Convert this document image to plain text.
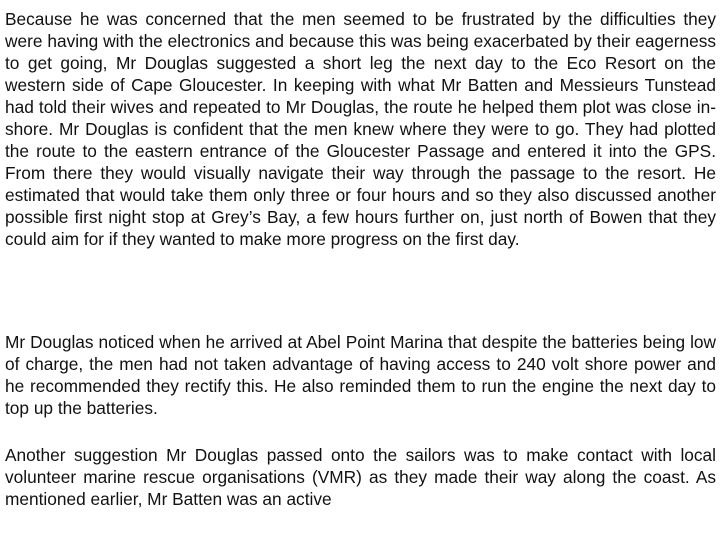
Because he was concerned that the men seemed to be frustrated by the difficulties they were having with the electronics and because this was being exacerbated by their eagerness to get going, Mr Douglas suggested a short leg the next day to the Eco Resort on the western side of Cape Gloucester. In keeping with what Mr Batten and Messieurs Tunstead had told their wives and repeated to Mr Douglas, the route he helped them plot was close in-shore. Mr Douglas is confident that the men knew where they were to go. They had plotted the route to the eastern entrance of the Gloucester Passage and entered it into the GPS. From there they would visually navigate their way through the passage to the resort. He estimated that would take them only three or four hours and so they also discussed another possible first night stop at Grey’s Bay, a few hours further on, just north of Bowen that they could aim for if they wanted to make more progress on the first day.

Mr Douglas noticed when he arrived at Abel Point Marina that despite the batteries being low of charge, the men had not taken advantage of having access to 240 volt shore power and he recommended they rectify this. He also reminded them to run the engine the next day to top up the batteries.

Another suggestion Mr Douglas passed onto the sailors was to make contact with local volunteer marine rescue organisations (VMR) as they made their way along the coast. As mentioned earlier, Mr Batten was an active
